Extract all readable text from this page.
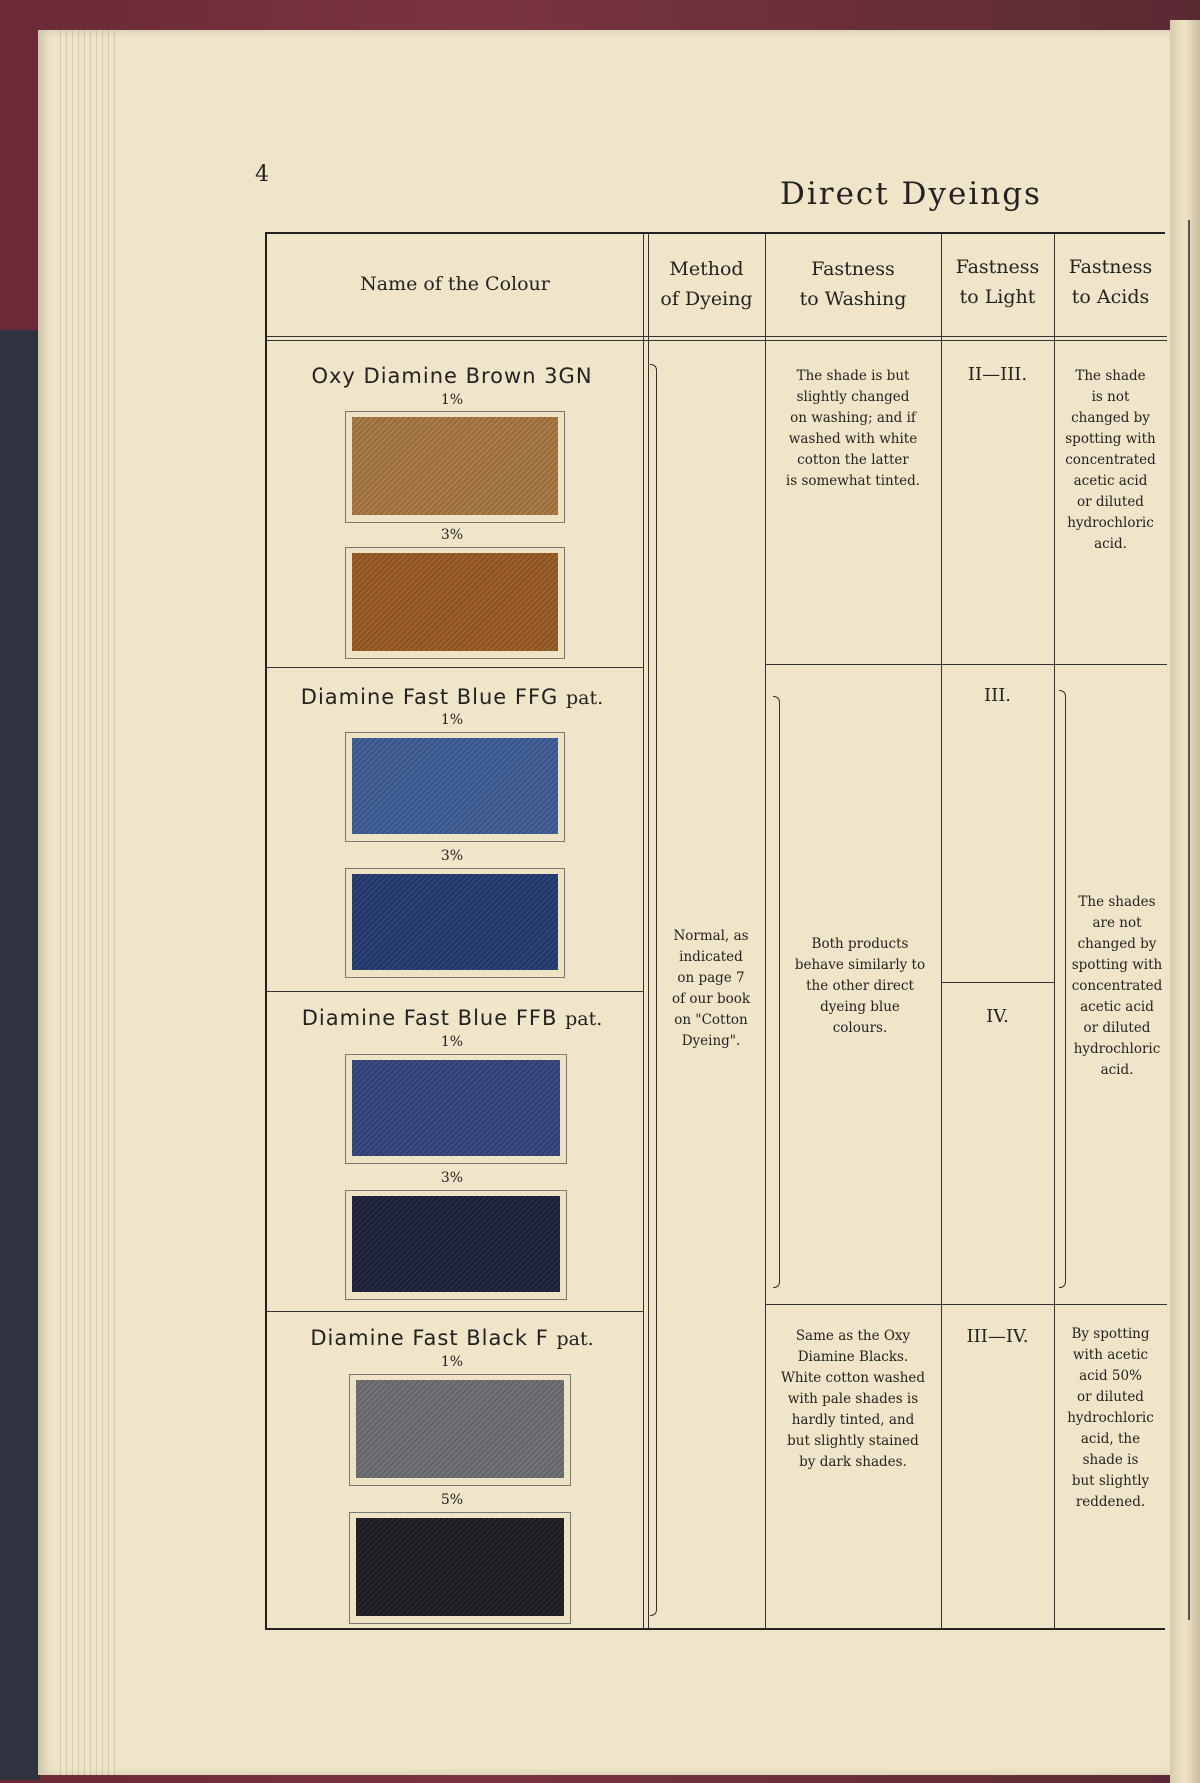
4
Direct Dyeings
Name of the Colour
Method
of Dyeing
Fastness
to Washing
Fastness
to Light
Fastness
to Acids
Oxy Diamine Brown 3GN
1%
3%
Diamine Fast Blue FFG pat.
1%
3%
Diamine Fast Blue FFB pat.
1%
3%
Diamine Fast Black F pat.
1%
5%
Normal, as
indicated
on page 7
of our book
on "Cotton
Dyeing".
The shade is but
slightly changed
on washing; and if
washed with white
cotton the latter
is somewhat tinted.
Both products
behave similarly to
the other direct
dyeing blue
colours.
Same as the Oxy
Diamine Blacks.
White cotton washed
with pale shades is
hardly tinted, and
but slightly stained
by dark shades.
II—III.
III.
IV.
III—IV.
The shade
is not
changed by
spotting with
concentrated
acetic acid
or diluted
hydrochloric
acid.
The shades
are not
changed by
spotting with
concentrated
acetic acid
or diluted
hydrochloric
acid.
By spotting
with acetic
acid 50%
or diluted
hydrochloric
acid, the
shade is
but slightly
reddened.
